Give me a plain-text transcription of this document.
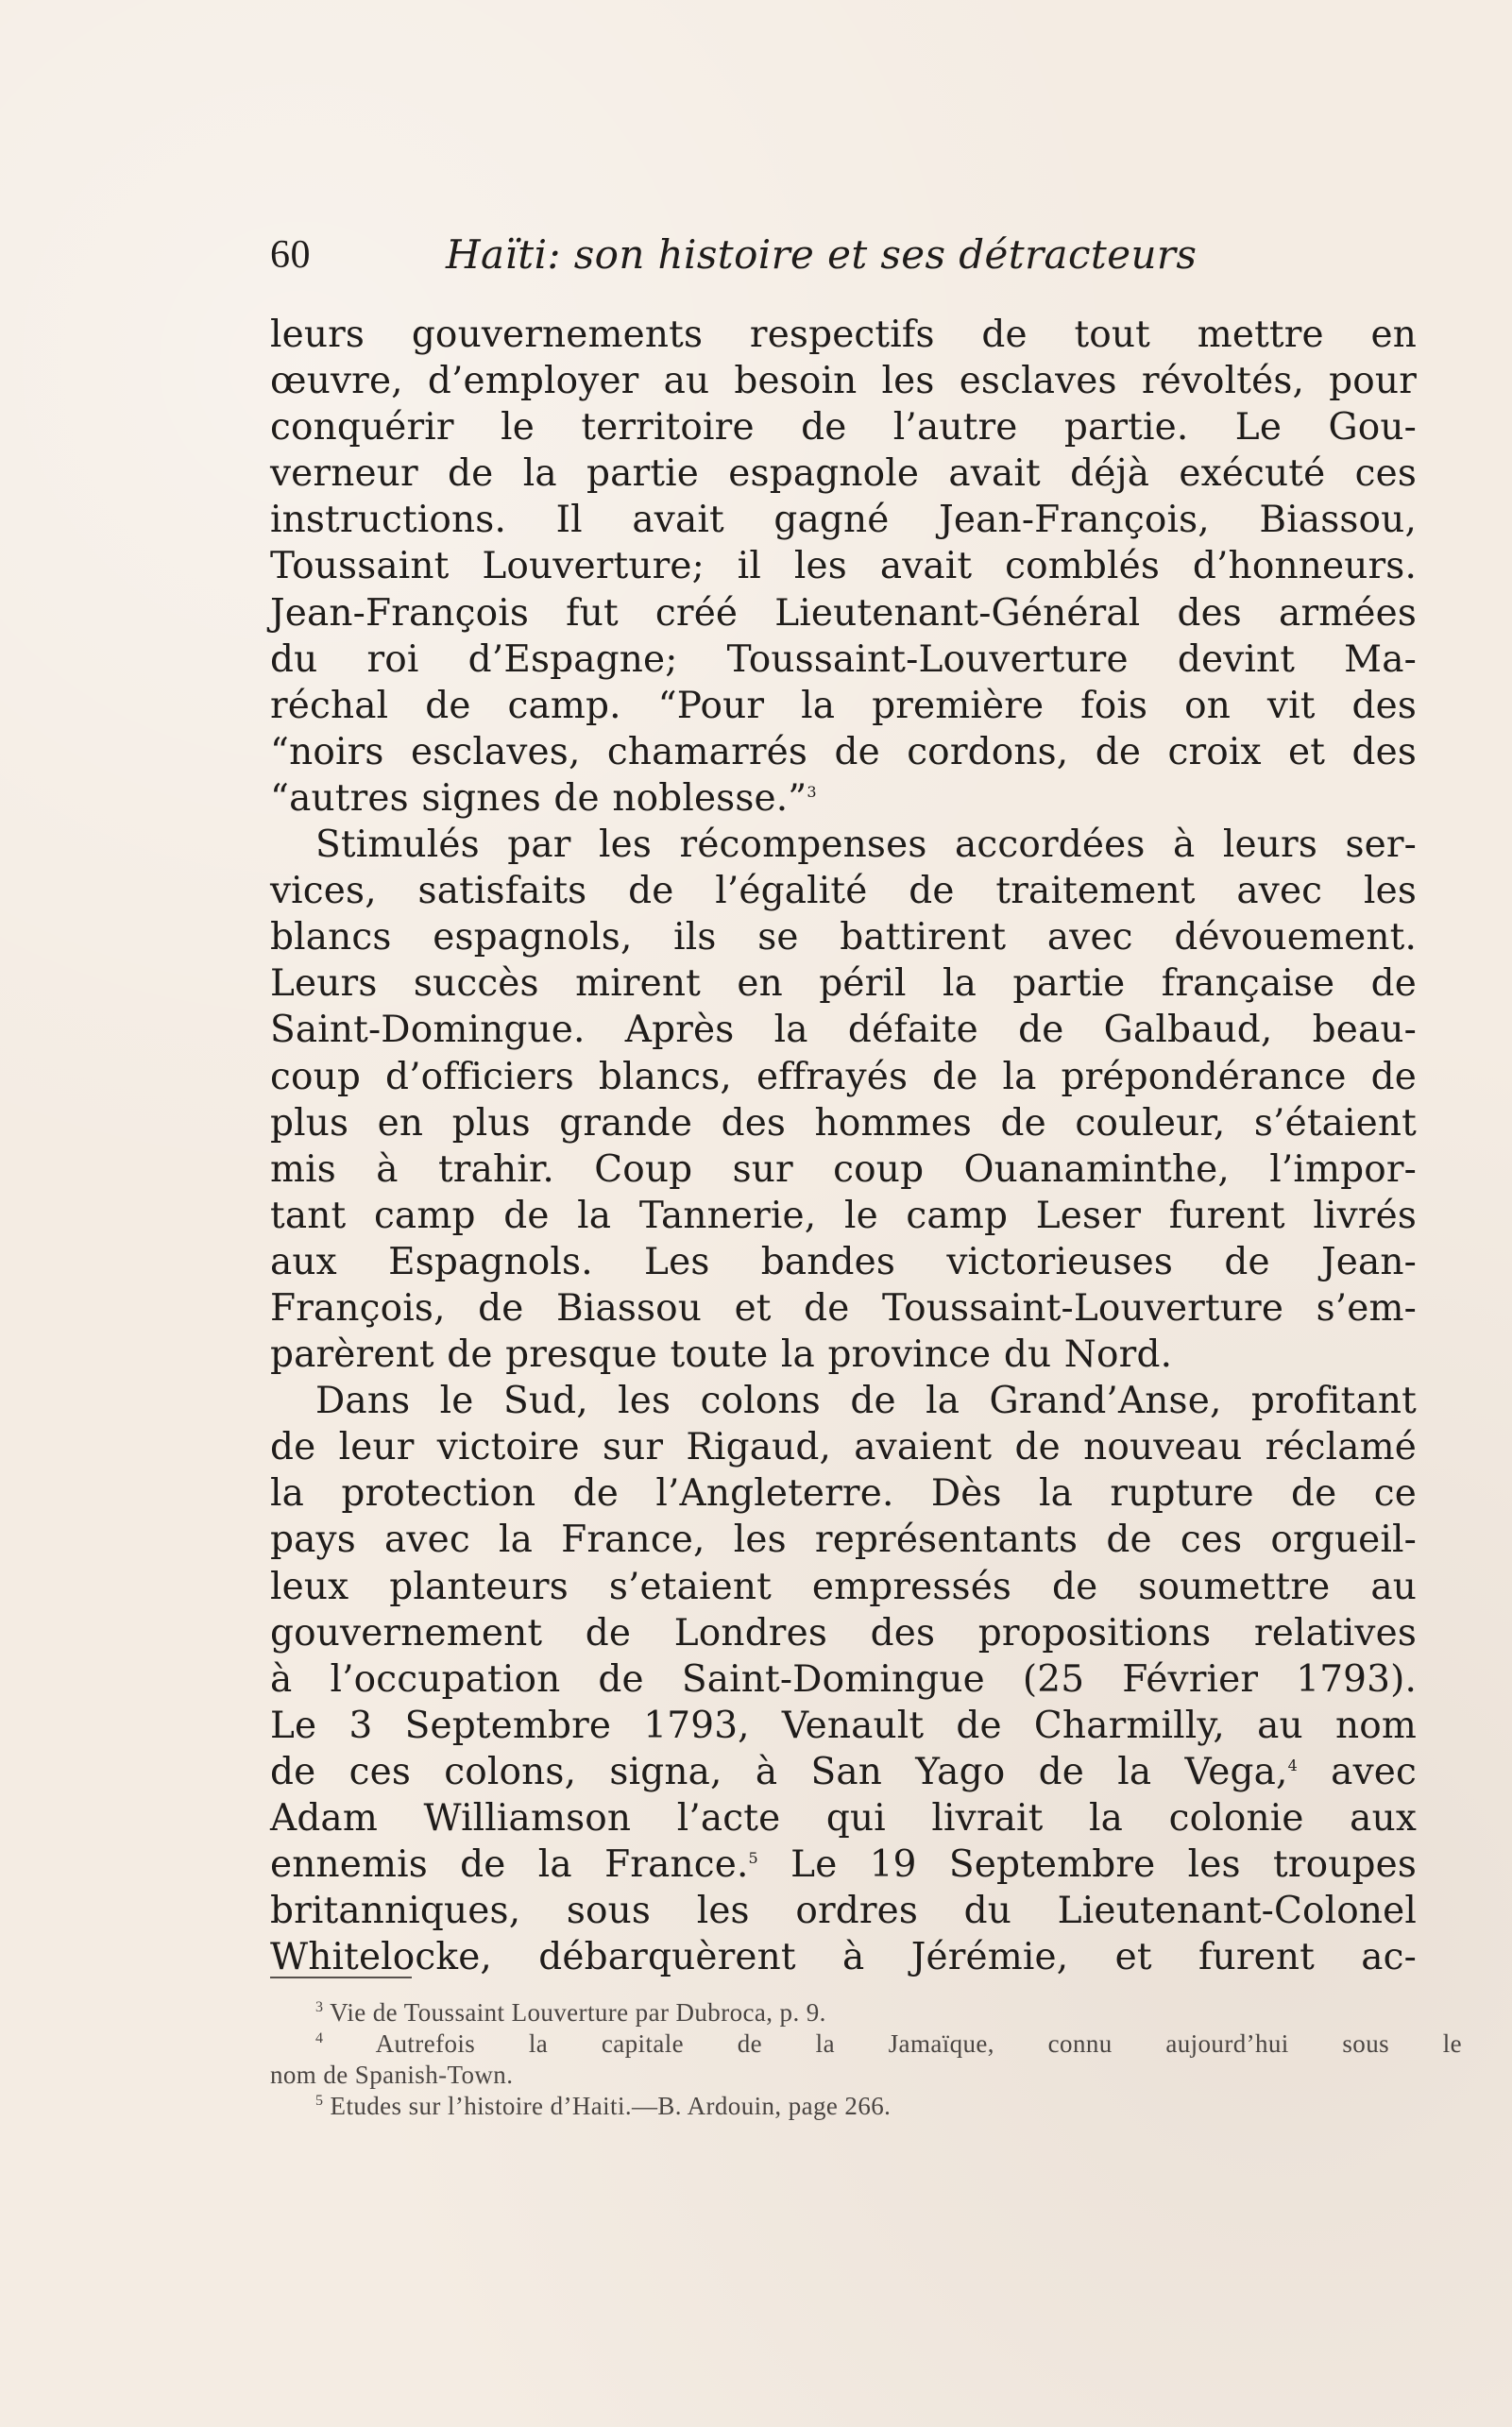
60	Haïti: son histoire et ses détracteurs
leurs gouvernements respectifs de tout mettre en
œuvre, d’employer au besoin les esclaves révoltés, pour
conquérir le territoire de l’autre partie. Le Gou-
verneur de la partie espagnole avait déjà exécuté ces
instructions. Il avait gagné Jean-François, Biassou,
Toussaint Louverture; il les avait comblés d’honneurs.
Jean-François fut créé Lieutenant-Général des armées
du roi d’Espagne; Toussaint-Louverture devint Ma-
réchal de camp. “Pour la première fois on vit des
“noirs esclaves, chamarrés de cordons, de croix et des
“autres signes de noblesse.”$^3$
Stimulés par les récompenses accordées à leurs ser-
vices, satisfaits de l’égalité de traitement avec les
blancs espagnols, ils se battirent avec dévouement.
Leurs succès mirent en péril la partie française de
Saint-Domingue. Après la défaite de Galbaud, beau-
coup d’officiers blancs, effrayés de la prépondérance de
plus en plus grande des hommes de couleur, s’étaient
mis à trahir. Coup sur coup Ouanaminthe, l’impor-
tant camp de la Tannerie, le camp Leser furent livrés
aux Espagnols. Les bandes victorieuses de Jean-
François, de Biassou et de Toussaint-Louverture s’em-
parèrent de presque toute la province du Nord.
Dans le Sud, les colons de la Grand’Anse, profitant
de leur victoire sur Rigaud, avaient de nouveau réclamé
la protection de l’Angleterre. Dès la rupture de ce
pays avec la France, les représentants de ces orgueil-
leux planteurs s’etaient empressés de soumettre au
gouvernement de Londres des propositions relatives
à l’occupation de Saint-Domingue (25 Février 1793).
Le 3 Septembre 1793, Venault de Charmilly, au nom
de ces colons, signa, à San Yago de la Vega,$^4$ avec
Adam Williamson l’acte qui livrait la colonie aux
ennemis de la France.$^5$ Le 19 Septembre les troupes
britanniques, sous les ordres du Lieutenant-Colonel
Whitelocke, débarquèrent à Jérémie, et furent ac-
$^3$ Vie de Toussaint Louverture par Dubroca, p. 9.
$^4$ Autrefois la capitale de la Jamaïque, connu aujourd’hui sous le
nom de Spanish-Town.
$^5$ Etudes sur l’histoire d’Haiti.—B. Ardouin, page 266.
